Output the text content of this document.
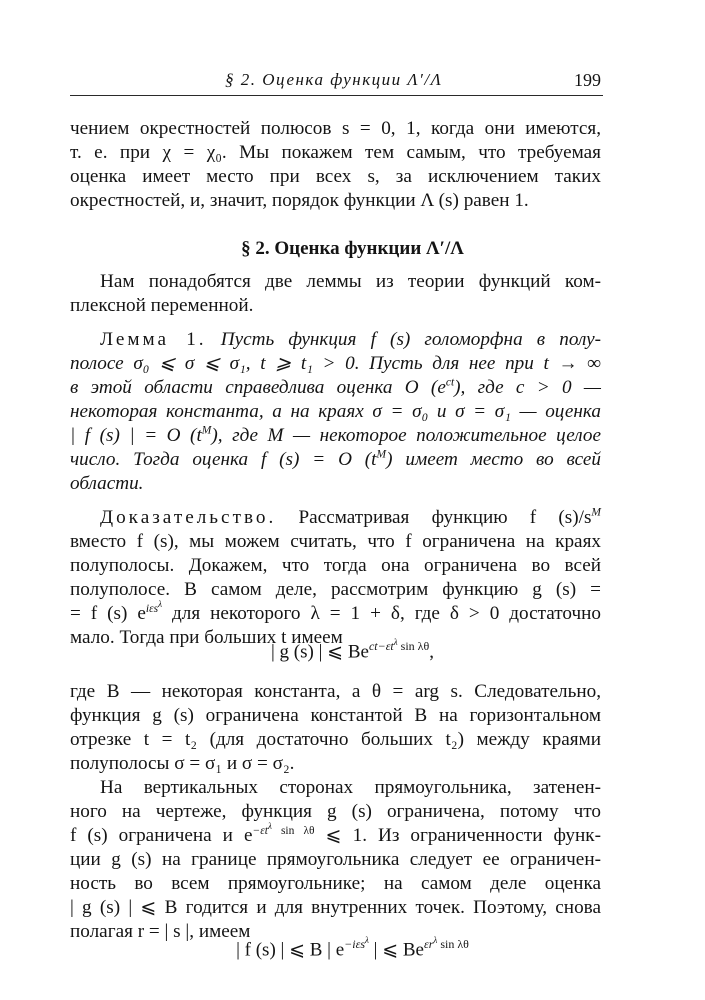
§ 2. Оценка функции Λ′/Λ	199

чением окрестностей полюсов s = 0, 1, когда они имеются,

т. е. при χ = χ₀. Мы покажем тем самым, что требуемая

оценка имеет место при всех s, за исключением таких

окрестностей, и, значит, порядок функции Λ (s) равен 1.

§ 2. Оценка функции Λ′/Λ

Нам понадобятся две леммы из теории функций ком-

плексной переменной.

Лемма 1. Пусть функция f (s) голоморфна в полу-

полосе σ₀ ⩽ σ ⩽ σ₁, t ⩾ t₁ > 0. Пусть для нее при t → ∞

в этой области справедлива оценка O $(e^{ct})$, где c > 0 —

некоторая константа, а на краях σ = σ₀ и σ = σ₁ — оценка

| f (s) | = O $(t^M)$, где M — некоторое положительное целое

число. Тогда оценка f (s) = O $(t^M)$ имеет место во всей

области.

Доказательство. Рассматривая функцию f $(s)/s^M$

вместо f (s), мы можем считать, что f ограничена на краях

полуполосы. Докажем, что тогда она ограничена во всей

полуполосе. В самом деле, рассмотрим функцию g (s) =

= f (s) $e^{i\varepsilon s^\lambda}$ для некоторого λ = 1 + δ, где δ > 0 достаточно

мало. Тогда при больших t имеем

| g (s) | ⩽ $Be^{ct-\varepsilon t^\lambda sin \lambda\theta}$,

где B — некоторая константа, а θ = arg s. Следовательно,

функция g (s) ограничена константой B на горизонтальном

отрезке t = t₂ (для достаточно больших t₂) между краями

полуполосы σ = σ₁ и σ = σ₂.

На вертикальных сторонах прямоугольника, затенен-

ного на чертеже, функция g (s) ограничена, потому что

f (s) ограничена и $e^{-\varepsilon t^\lambda sin \lambda\theta}$ ⩽ 1. Из ограниченности функ-

ции g (s) на границе прямоугольника следует ее ограничен-

ность во всем прямоугольнике; на самом деле оценка

| g (s) | ⩽ B годится и для внутренних точек. Поэтому, снова

полагая r = | s |, имеем

| f (s) | ⩽ B | $e^{-i\varepsilon s^\lambda}$ | ⩽ $Be^{\varepsilon r^\lambda sin \lambda\theta}$
